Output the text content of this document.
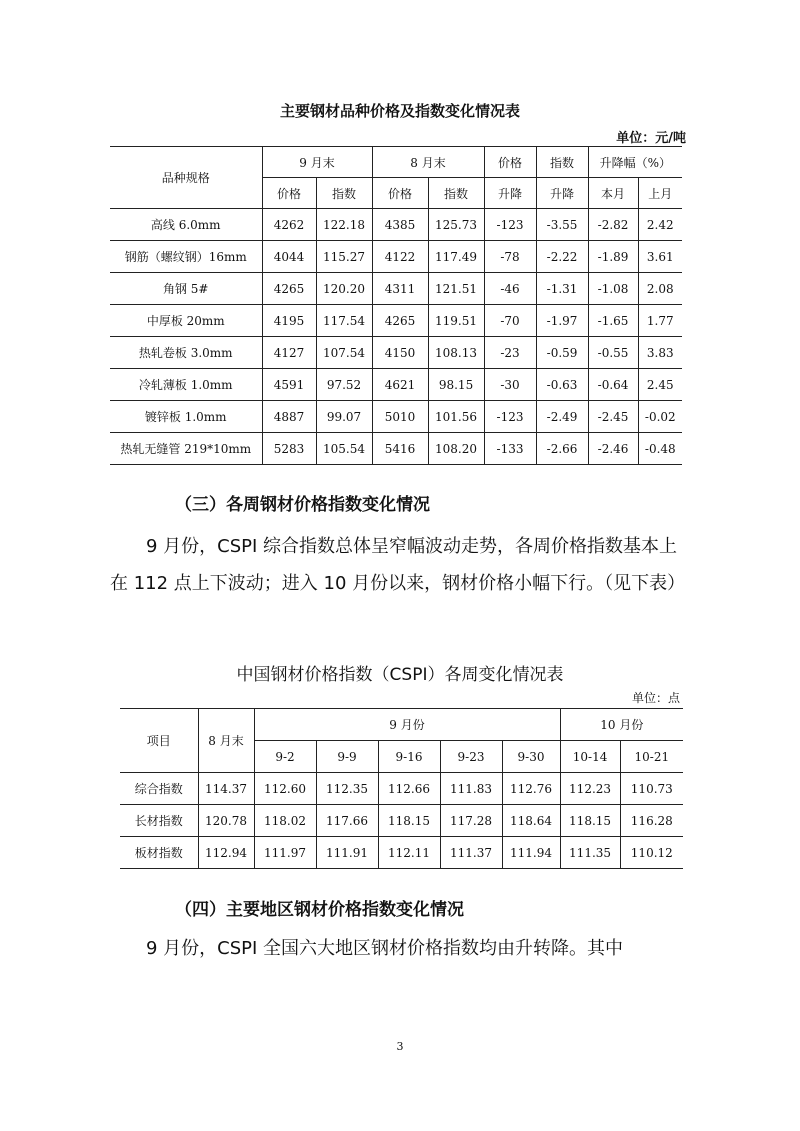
主要钢材品种价格及指数变化情况表
单位：元/吨
品种规格	9 月末		8 月末		价格	指数	升降幅（%）	
	价格	指数	价格	指数	升降	升降	本月	上月
高线 6.0mm	4262	122.18	4385	125.73	-123	-3.55	-2.82	2.42
钢筋（螺纹钢）16mm	4044	115.27	4122	117.49	-78	-2.22	-1.89	3.61
角钢 5#	4265	120.20	4311	121.51	-46	-1.31	-1.08	2.08
中厚板 20mm	4195	117.54	4265	119.51	-70	-1.97	-1.65	1.77
热轧卷板 3.0mm	4127	107.54	4150	108.13	-23	-0.59	-0.55	3.83
冷轧薄板 1.0mm	4591	97.52	4621	98.15	-30	-0.63	-0.64	2.45
镀锌板 1.0mm	4887	99.07	5010	101.56	-123	-2.49	-2.45	-0.02
热轧无缝管 219*10mm	5283	105.54	5416	108.20	-133	-2.66	-2.46	-0.48
（三）各周钢材价格指数变化情况
9 月份，CSPI 综合指数总体呈窄幅波动走势，各周价格指数基本上在 112 点上下波动；进入 10 月份以来，钢材价格小幅下行。（见下表）
中国钢材价格指数（CSPI）各周变化情况表
单位：点
项目	8 月末	9 月份					10 月份	
		9-2	9-9	9-16	9-23	9-30	10-14	10-21
综合指数	114.37	112.60	112.35	112.66	111.83	112.76	112.23	110.73
长材指数	120.78	118.02	117.66	118.15	117.28	118.64	118.15	116.28
板材指数	112.94	111.97	111.91	112.11	111.37	111.94	111.35	110.12
（四）主要地区钢材价格指数变化情况
9 月份，CSPI 全国六大地区钢材价格指数均由升转降。其中
3
